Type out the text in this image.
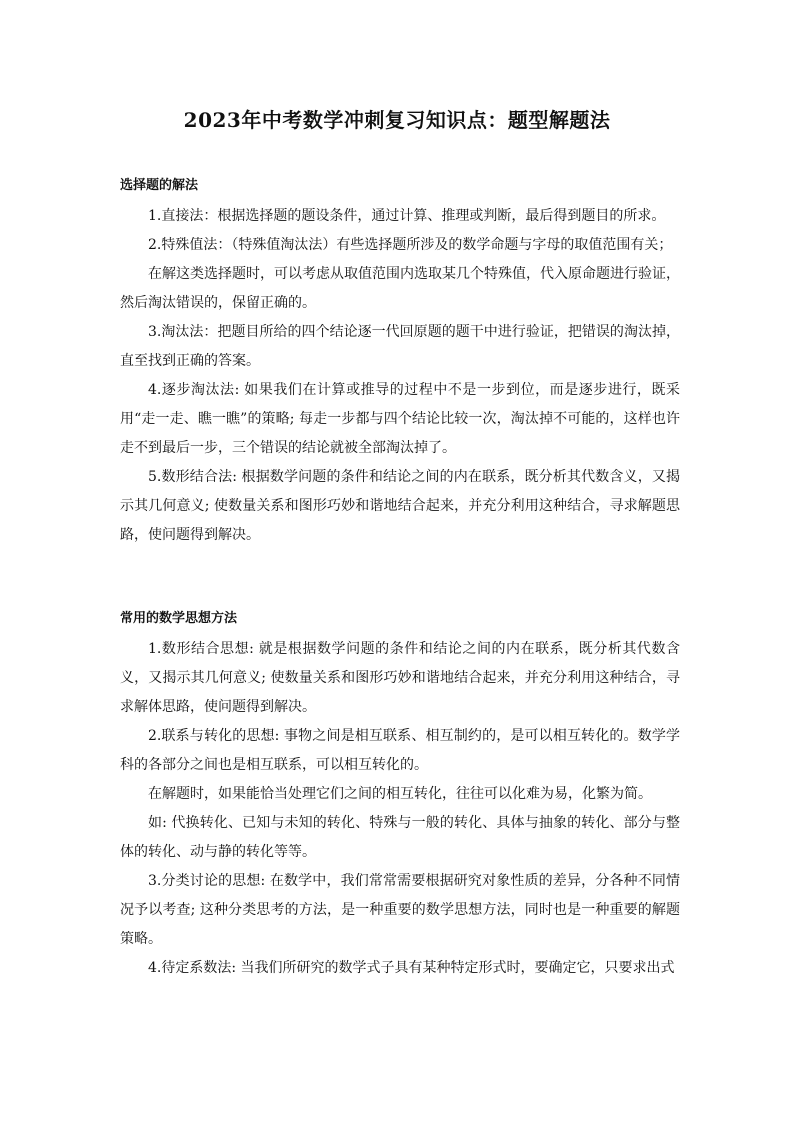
2023年中考数学冲刺复习知识点：题型解题法
选择题的解法

1.直接法：根据选择题的题设条件，通过计算、推理或判断，最后得到题目的所求。

2.特殊值法：（特殊值淘汰法）有些选择题所涉及的数学命题与字母的取值范围有关；

在解这类选择题时，可以考虑从取值范围内选取某几个特殊值，代入原命题进行验证，然后淘汰错误的，保留正确的。

3.淘汰法：把题目所给的四个结论逐一代回原题的题干中进行验证，把错误的淘汰掉，直至找到正确的答案。

4.逐步淘汰法: 如果我们在计算或推导的过程中不是一步到位，而是逐步进行，既采用“走一走、瞧一瞧”的策略; 每走一步都与四个结论比较一次，淘汰掉不可能的，这样也许走不到最后一步，三个错误的结论就被全部淘汰掉了。

5.数形结合法: 根据数学问题的条件和结论之间的内在联系，既分析其代数含义，又揭示其几何意义; 使数量关系和图形巧妙和谐地结合起来，并充分利用这种结合，寻求解题思路，使问题得到解决。

常用的数学思想方法

1.数形结合思想: 就是根据数学问题的条件和结论之间的内在联系，既分析其代数含义，又揭示其几何意义; 使数量关系和图形巧妙和谐地结合起来，并充分利用这种结合，寻求解体思路，使问题得到解决。

2.联系与转化的思想: 事物之间是相互联系、相互制约的，是可以相互转化的。数学学科的各部分之间也是相互联系，可以相互转化的。

在解题时，如果能恰当处理它们之间的相互转化，往往可以化难为易，化繁为简。

如: 代换转化、已知与未知的转化、特殊与一般的转化、具体与抽象的转化、部分与整体的转化、动与静的转化等等。

3.分类讨论的思想: 在数学中，我们常常需要根据研究对象性质的差异，分各种不同情况予以考查; 这种分类思考的方法，是一种重要的数学思想方法，同时也是一种重要的解题策略。

4.待定系数法: 当我们所研究的数学式子具有某种特定形式时，要确定它，只要求出式
